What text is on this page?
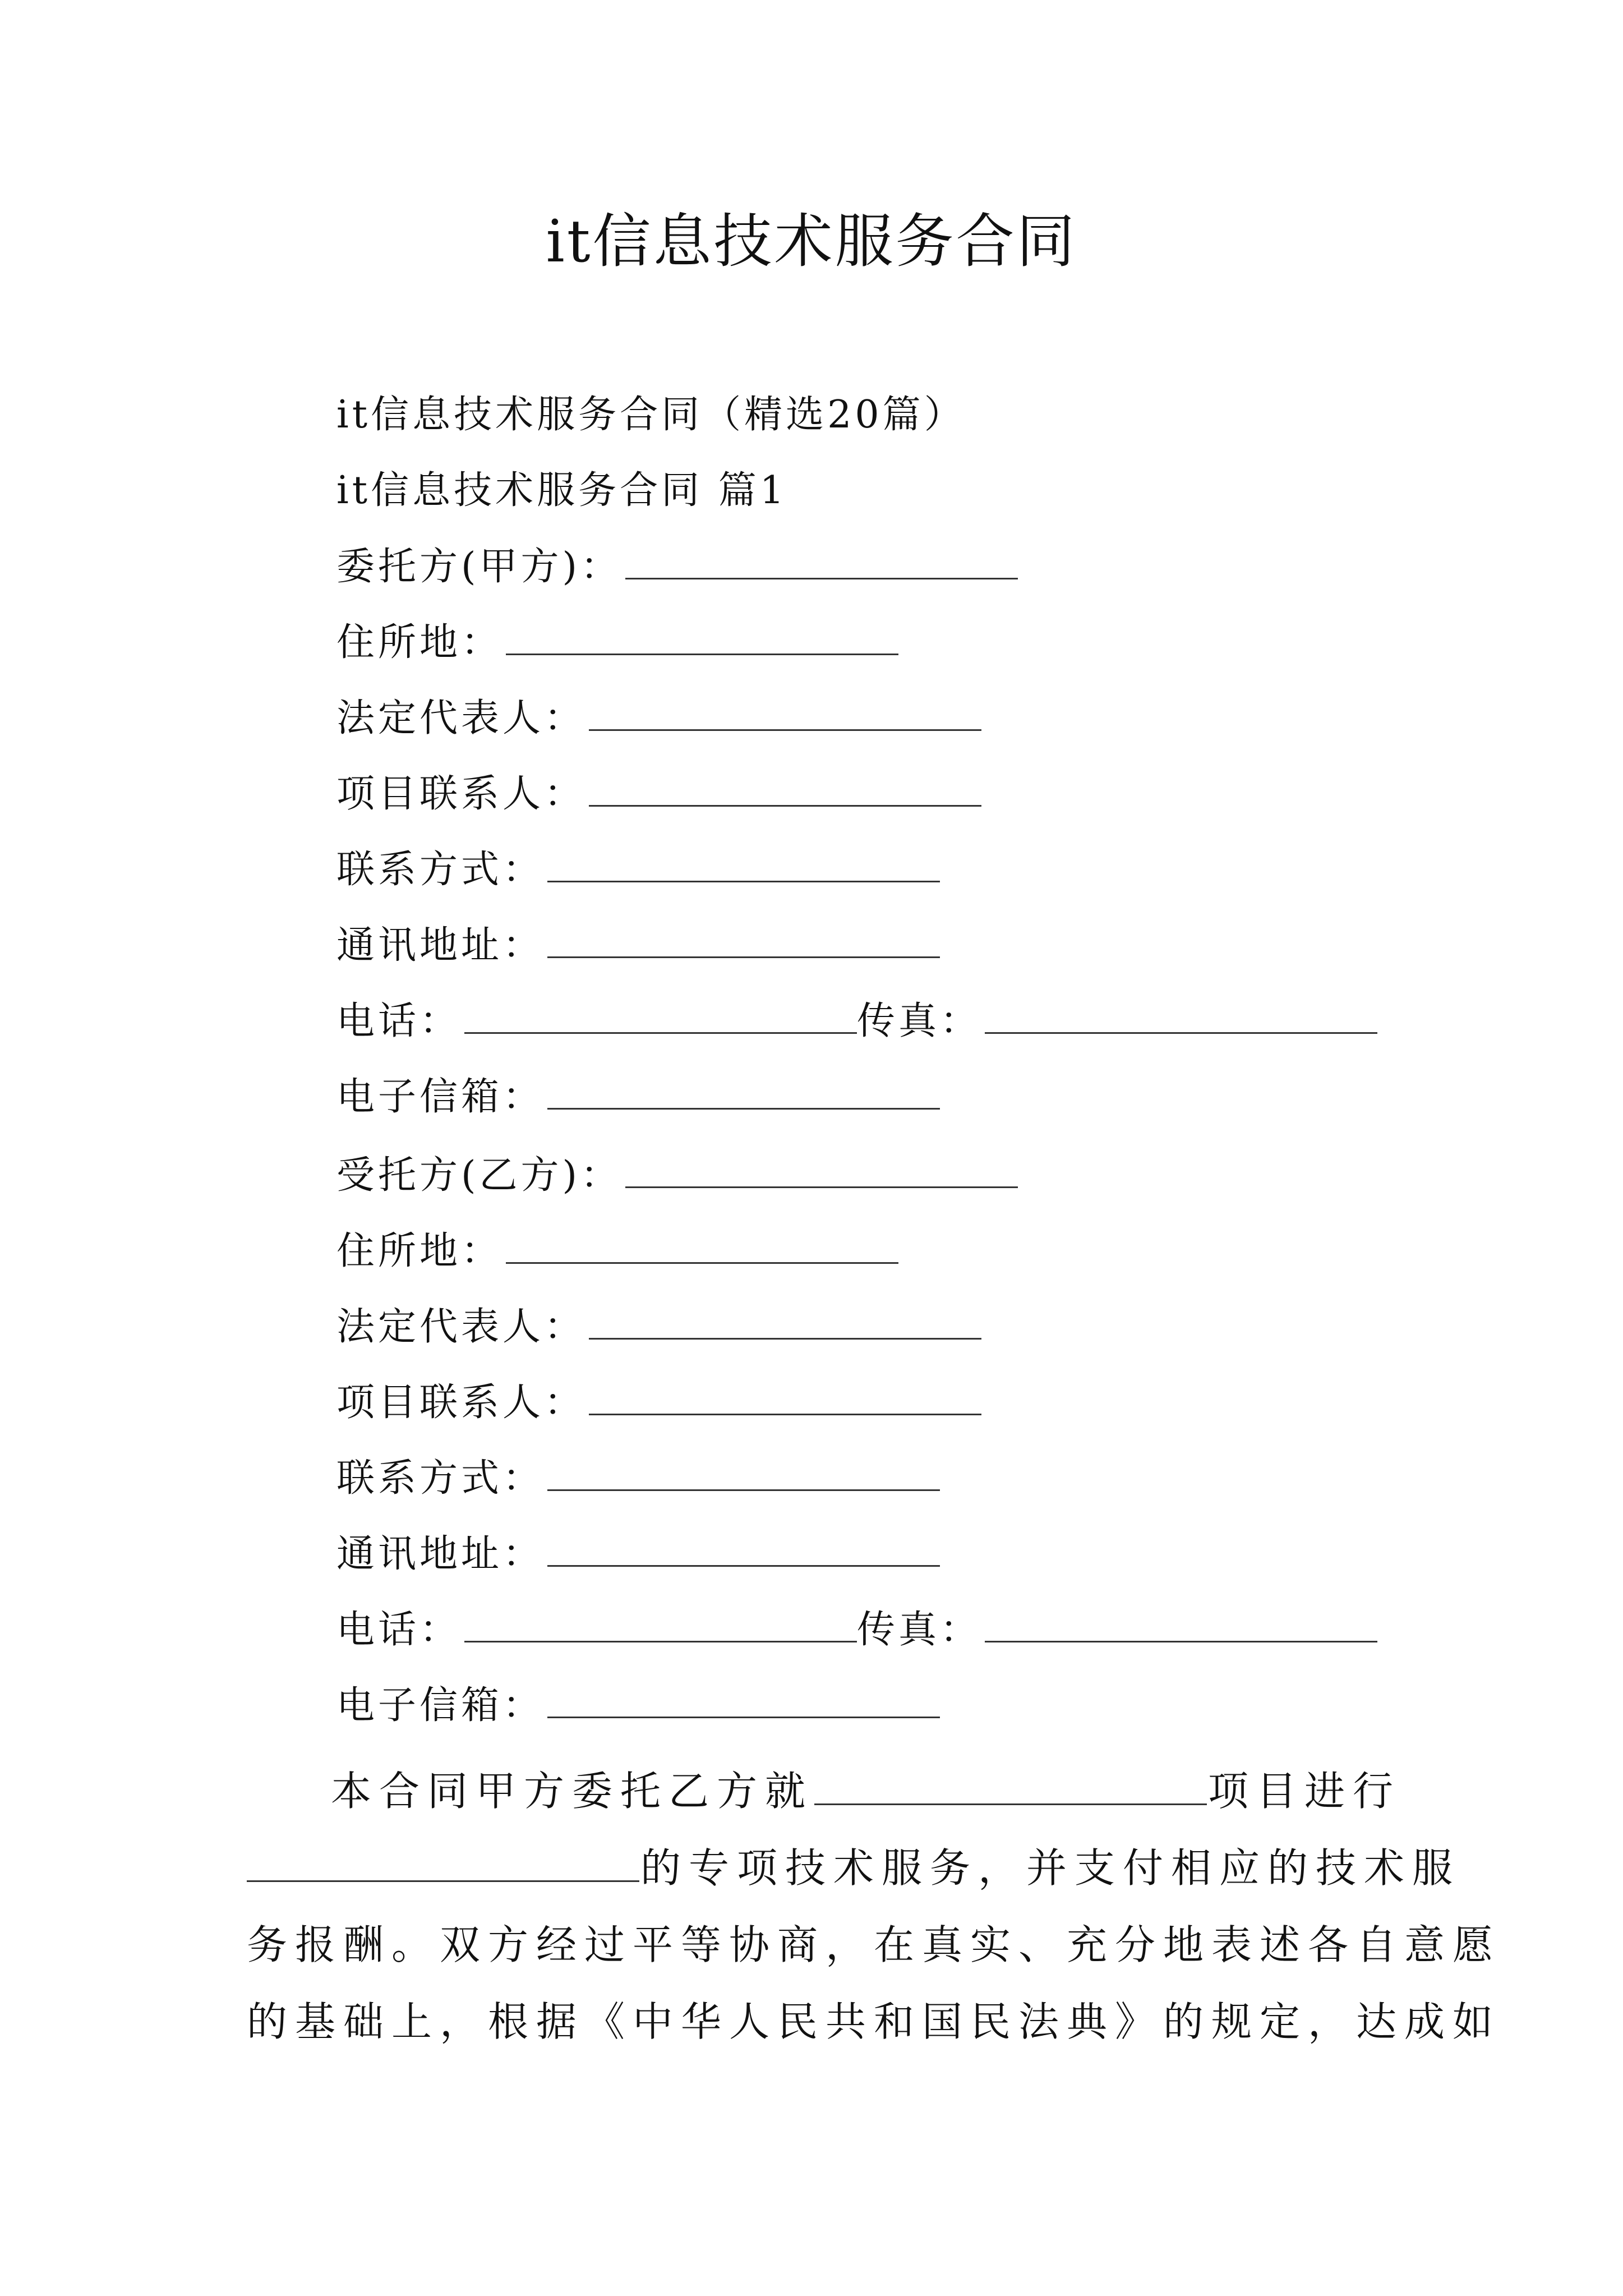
it信息技术服务合同
it信息技术服务合同（精选20篇）
it信息技术服务合同 篇1
委托方(甲方)：
住所地：
法定代表人：
项目联系人：
联系方式：
通讯地址：
电话：	传真：
电子信箱：
受托方(乙方)：
住所地：
法定代表人：
项目联系人：
联系方式：
通讯地址：
电话：	传真：
电子信箱：
本合同甲方委托乙方就	项目进行
的专项技术服务，并支付相应的技术服
务报酬。双方经过平等协商，在真实、充分地表述各自意愿
的基础上，根据《中华人民共和国民法典》的规定，达成如
